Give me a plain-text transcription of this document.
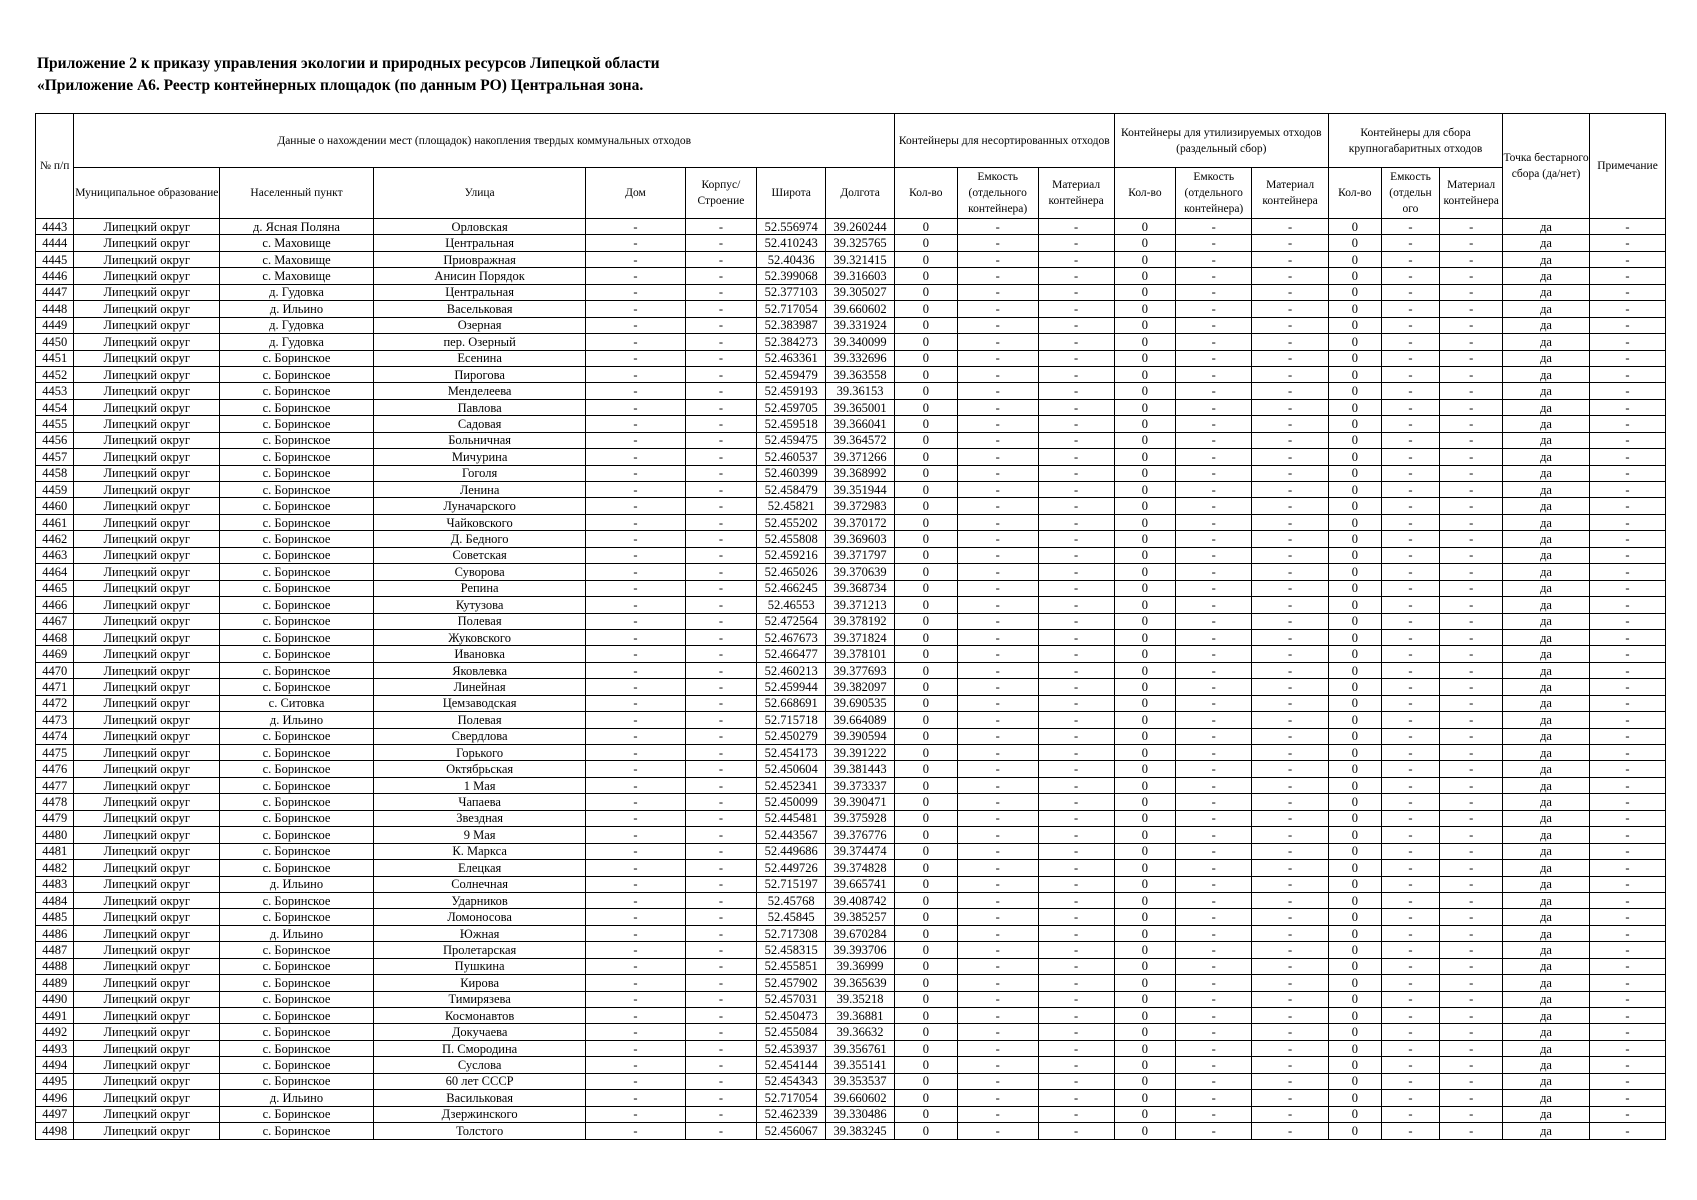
Приложение 2 к приказу управления экологии и природных ресурсов Липецкой области
«Приложение А6. Реестр контейнерных площадок (по данным РО) Центральная зона.
№ п/п	Данные о нахождении мест (площадок) накопления твердых коммунальных отходов							Контейнеры для несортированных отходов			Контейнеры для утилизируемых отходов (раздельный сбор)			Контейнеры для сбора крупногабаритных отходов			Точка бестарного сбора (да/нет)	Примечание
	Муниципальное образование	Населенный пункт	Улица	Дом	Корпус/ Строение	Широта	Долгота	Кол-во	Емкость (отдельного контейнера)	Материал контейнера	Кол-во	Емкость (отдельного контейнера)	Материал контейнера	Кол-во	Емкость (отдельн ого	Материал контейнера		
4443	Липецкий округ	д. Ясная Поляна	Орловская	-	-	52.556974	39.260244	0	-	-	0	-	-	0	-	-	да	-
4444	Липецкий округ	с. Маховище	Центральная	-	-	52.410243	39.325765	0	-	-	0	-	-	0	-	-	да	-
4445	Липецкий округ	с. Маховище	Приовражная	-	-	52.40436	39.321415	0	-	-	0	-	-	0	-	-	да	-
4446	Липецкий округ	с. Маховище	Анисин Порядок	-	-	52.399068	39.316603	0	-	-	0	-	-	0	-	-	да	-
4447	Липецкий округ	д. Гудовка	Центральная	-	-	52.377103	39.305027	0	-	-	0	-	-	0	-	-	да	-
4448	Липецкий округ	д. Ильино	Васельковая	-	-	52.717054	39.660602	0	-	-	0	-	-	0	-	-	да	-
4449	Липецкий округ	д. Гудовка	Озерная	-	-	52.383987	39.331924	0	-	-	0	-	-	0	-	-	да	-
4450	Липецкий округ	д. Гудовка	пер. Озерный	-	-	52.384273	39.340099	0	-	-	0	-	-	0	-	-	да	-
4451	Липецкий округ	с. Боринское	Есенина	-	-	52.463361	39.332696	0	-	-	0	-	-	0	-	-	да	-
4452	Липецкий округ	с. Боринское	Пирогова	-	-	52.459479	39.363558	0	-	-	0	-	-	0	-	-	да	-
4453	Липецкий округ	с. Боринское	Менделеева	-	-	52.459193	39.36153	0	-	-	0	-	-	0	-	-	да	-
4454	Липецкий округ	с. Боринское	Павлова	-	-	52.459705	39.365001	0	-	-	0	-	-	0	-	-	да	-
4455	Липецкий округ	с. Боринское	Садовая	-	-	52.459518	39.366041	0	-	-	0	-	-	0	-	-	да	-
4456	Липецкий округ	с. Боринское	Больничная	-	-	52.459475	39.364572	0	-	-	0	-	-	0	-	-	да	-
4457	Липецкий округ	с. Боринское	Мичурина	-	-	52.460537	39.371266	0	-	-	0	-	-	0	-	-	да	-
4458	Липецкий округ	с. Боринское	Гоголя	-	-	52.460399	39.368992	0	-	-	0	-	-	0	-	-	да	-
4459	Липецкий округ	с. Боринское	Ленина	-	-	52.458479	39.351944	0	-	-	0	-	-	0	-	-	да	-
4460	Липецкий округ	с. Боринское	Луначарского	-	-	52.45821	39.372983	0	-	-	0	-	-	0	-	-	да	-
4461	Липецкий округ	с. Боринское	Чайковского	-	-	52.455202	39.370172	0	-	-	0	-	-	0	-	-	да	-
4462	Липецкий округ	с. Боринское	Д. Бедного	-	-	52.455808	39.369603	0	-	-	0	-	-	0	-	-	да	-
4463	Липецкий округ	с. Боринское	Советская	-	-	52.459216	39.371797	0	-	-	0	-	-	0	-	-	да	-
4464	Липецкий округ	с. Боринское	Суворова	-	-	52.465026	39.370639	0	-	-	0	-	-	0	-	-	да	-
4465	Липецкий округ	с. Боринское	Репина	-	-	52.466245	39.368734	0	-	-	0	-	-	0	-	-	да	-
4466	Липецкий округ	с. Боринское	Кутузова	-	-	52.46553	39.371213	0	-	-	0	-	-	0	-	-	да	-
4467	Липецкий округ	с. Боринское	Полевая	-	-	52.472564	39.378192	0	-	-	0	-	-	0	-	-	да	-
4468	Липецкий округ	с. Боринское	Жуковского	-	-	52.467673	39.371824	0	-	-	0	-	-	0	-	-	да	-
4469	Липецкий округ	с. Боринское	Ивановка	-	-	52.466477	39.378101	0	-	-	0	-	-	0	-	-	да	-
4470	Липецкий округ	с. Боринское	Яковлевка	-	-	52.460213	39.377693	0	-	-	0	-	-	0	-	-	да	-
4471	Липецкий округ	с. Боринское	Линейная	-	-	52.459944	39.382097	0	-	-	0	-	-	0	-	-	да	-
4472	Липецкий округ	с. Ситовка	Цемзаводская	-	-	52.668691	39.690535	0	-	-	0	-	-	0	-	-	да	-
4473	Липецкий округ	д. Ильино	Полевая	-	-	52.715718	39.664089	0	-	-	0	-	-	0	-	-	да	-
4474	Липецкий округ	с. Боринское	Свердлова	-	-	52.450279	39.390594	0	-	-	0	-	-	0	-	-	да	-
4475	Липецкий округ	с. Боринское	Горького	-	-	52.454173	39.391222	0	-	-	0	-	-	0	-	-	да	-
4476	Липецкий округ	с. Боринское	Октябрьская	-	-	52.450604	39.381443	0	-	-	0	-	-	0	-	-	да	-
4477	Липецкий округ	с. Боринское	1 Мая	-	-	52.452341	39.373337	0	-	-	0	-	-	0	-	-	да	-
4478	Липецкий округ	с. Боринское	Чапаева	-	-	52.450099	39.390471	0	-	-	0	-	-	0	-	-	да	-
4479	Липецкий округ	с. Боринское	Звездная	-	-	52.445481	39.375928	0	-	-	0	-	-	0	-	-	да	-
4480	Липецкий округ	с. Боринское	9 Мая	-	-	52.443567	39.376776	0	-	-	0	-	-	0	-	-	да	-
4481	Липецкий округ	с. Боринское	К. Маркса	-	-	52.449686	39.374474	0	-	-	0	-	-	0	-	-	да	-
4482	Липецкий округ	с. Боринское	Елецкая	-	-	52.449726	39.374828	0	-	-	0	-	-	0	-	-	да	-
4483	Липецкий округ	д. Ильино	Солнечная	-	-	52.715197	39.665741	0	-	-	0	-	-	0	-	-	да	-
4484	Липецкий округ	с. Боринское	Ударников	-	-	52.45768	39.408742	0	-	-	0	-	-	0	-	-	да	-
4485	Липецкий округ	с. Боринское	Ломоносова	-	-	52.45845	39.385257	0	-	-	0	-	-	0	-	-	да	-
4486	Липецкий округ	д. Ильино	Южная	-	-	52.717308	39.670284	0	-	-	0	-	-	0	-	-	да	-
4487	Липецкий округ	с. Боринское	Пролетарская	-	-	52.458315	39.393706	0	-	-	0	-	-	0	-	-	да	-
4488	Липецкий округ	с. Боринское	Пушкина	-	-	52.455851	39.36999	0	-	-	0	-	-	0	-	-	да	-
4489	Липецкий округ	с. Боринское	Кирова	-	-	52.457902	39.365639	0	-	-	0	-	-	0	-	-	да	-
4490	Липецкий округ	с. Боринское	Тимирязева	-	-	52.457031	39.35218	0	-	-	0	-	-	0	-	-	да	-
4491	Липецкий округ	с. Боринское	Космонавтов	-	-	52.450473	39.36881	0	-	-	0	-	-	0	-	-	да	-
4492	Липецкий округ	с. Боринское	Докучаева	-	-	52.455084	39.36632	0	-	-	0	-	-	0	-	-	да	-
4493	Липецкий округ	с. Боринское	П. Смородина	-	-	52.453937	39.356761	0	-	-	0	-	-	0	-	-	да	-
4494	Липецкий округ	с. Боринское	Суслова	-	-	52.454144	39.355141	0	-	-	0	-	-	0	-	-	да	-
4495	Липецкий округ	с. Боринское	60 лет СССР	-	-	52.454343	39.353537	0	-	-	0	-	-	0	-	-	да	-
4496	Липецкий округ	д. Ильино	Васильковая	-	-	52.717054	39.660602	0	-	-	0	-	-	0	-	-	да	-
4497	Липецкий округ	с. Боринское	Дзержинского	-	-	52.462339	39.330486	0	-	-	0	-	-	0	-	-	да	-
4498	Липецкий округ	с. Боринское	Толстого	-	-	52.456067	39.383245	0	-	-	0	-	-	0	-	-	да	-
